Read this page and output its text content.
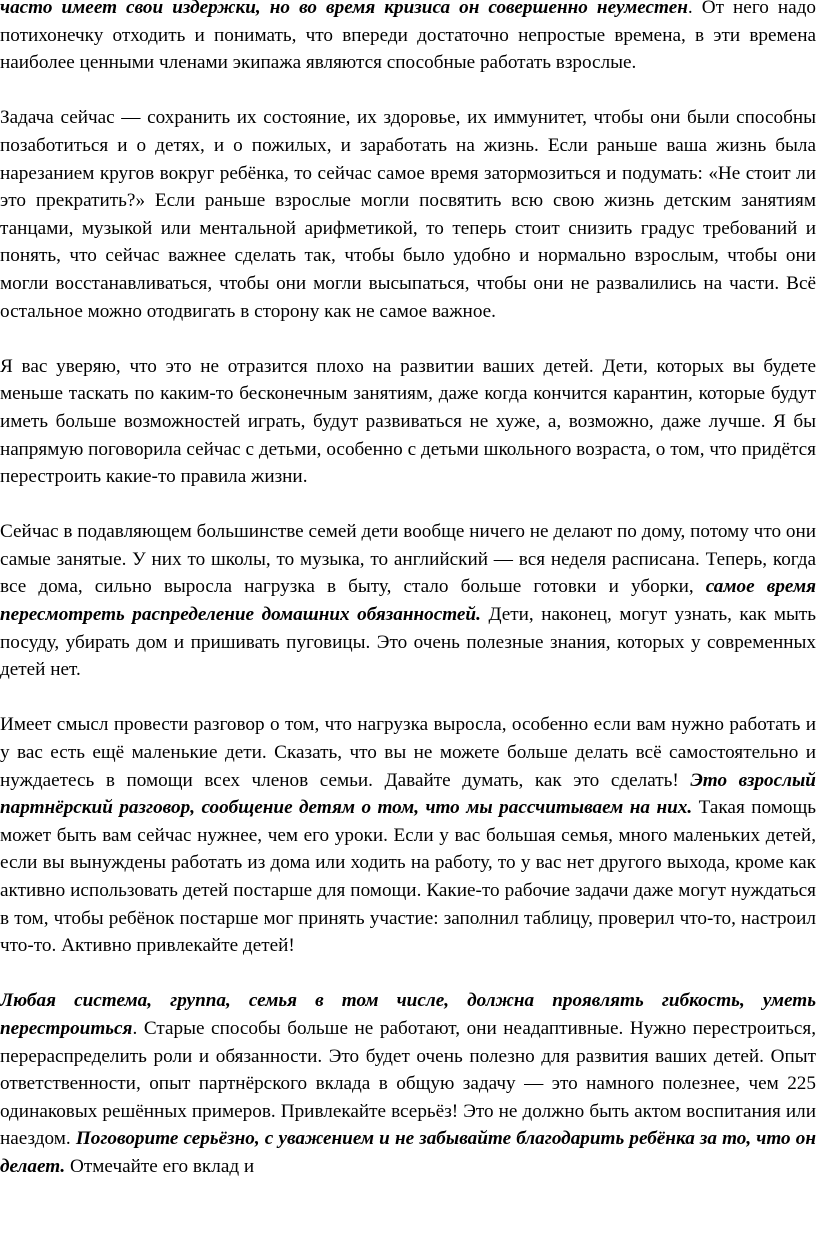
часто имеет свои издержки, но во время кризиса он совершенно неуместен. От него надо потихонечку отходить и понимать, что впереди достаточно непростые времена, в эти времена наиболее ценными членами экипажа являются способные работать взрослые.

Задача сейчас — сохранить их состояние, их здоровье, их иммунитет, чтобы они были способны позаботиться и о детях, и о пожилых, и заработать на жизнь. Если раньше ваша жизнь была нарезанием кругов вокруг ребёнка, то сейчас самое время затормозиться и подумать: «Не стоит ли это прекратить?» Если раньше взрослые могли посвятить всю свою жизнь детским занятиям танцами, музыкой или ментальной арифметикой, то теперь стоит снизить градус требований и понять, что сейчас важнее сделать так, чтобы было удобно и нормально взрослым, чтобы они могли восстанавливаться, чтобы они могли высыпаться, чтобы они не развалились на части. Всё остальное можно отодвигать в сторону как не самое важное.

Я вас уверяю, что это не отразится плохо на развитии ваших детей. Дети, которых вы будете меньше таскать по каким-то бесконечным занятиям, даже когда кончится карантин, которые будут иметь больше возможностей играть, будут развиваться не хуже, а, возможно, даже лучше. Я бы напрямую поговорила сейчас с детьми, особенно с детьми школьного возраста, о том, что придётся перестроить какие-то правила жизни.

Сейчас в подавляющем большинстве семей дети вообще ничего не делают по дому, потому что они самые занятые. У них то школы, то музыка, то английский — вся неделя расписана. Теперь, когда все дома, сильно выросла нагрузка в быту, стало больше готовки и уборки, самое время пересмотреть распределение домашних обязанностей. Дети, наконец, могут узнать, как мыть посуду, убирать дом и пришивать пуговицы. Это очень полезные знания, которых у современных детей нет.

Имеет смысл провести разговор о том, что нагрузка выросла, особенно если вам нужно работать и у вас есть ещё маленькие дети. Сказать, что вы не можете больше делать всё самостоятельно и нуждаетесь в помощи всех членов семьи. Давайте думать, как это сделать! Это взрослый партнёрский разговор, сообщение детям о том, что мы рассчитываем на них. Такая помощь может быть вам сейчас нужнее, чем его уроки. Если у вас большая семья, много маленьких детей, если вы вынуждены работать из дома или ходить на работу, то у вас нет другого выхода, кроме как активно использовать детей постарше для помощи. Какие-то рабочие задачи даже могут нуждаться в том, чтобы ребёнок постарше мог принять участие: заполнил таблицу, проверил что-то, настроил что-то. Активно привлекайте детей!

Любая система, группа, семья в том числе, должна проявлять гибкость, уметь перестроиться. Старые способы больше не работают, они неадаптивные. Нужно перестроиться, перераспределить роли и обязанности. Это будет очень полезно для развития ваших детей. Опыт ответственности, опыт партнёрского вклада в общую задачу — это намного полезнее, чем 225 одинаковых решённых примеров. Привлекайте всерьёз! Это не должно быть актом воспитания или наездом. Поговорите серьёзно, с уважением и не забывайте благодарить ребёнка за то, что он делает. Отмечайте его вклад и
